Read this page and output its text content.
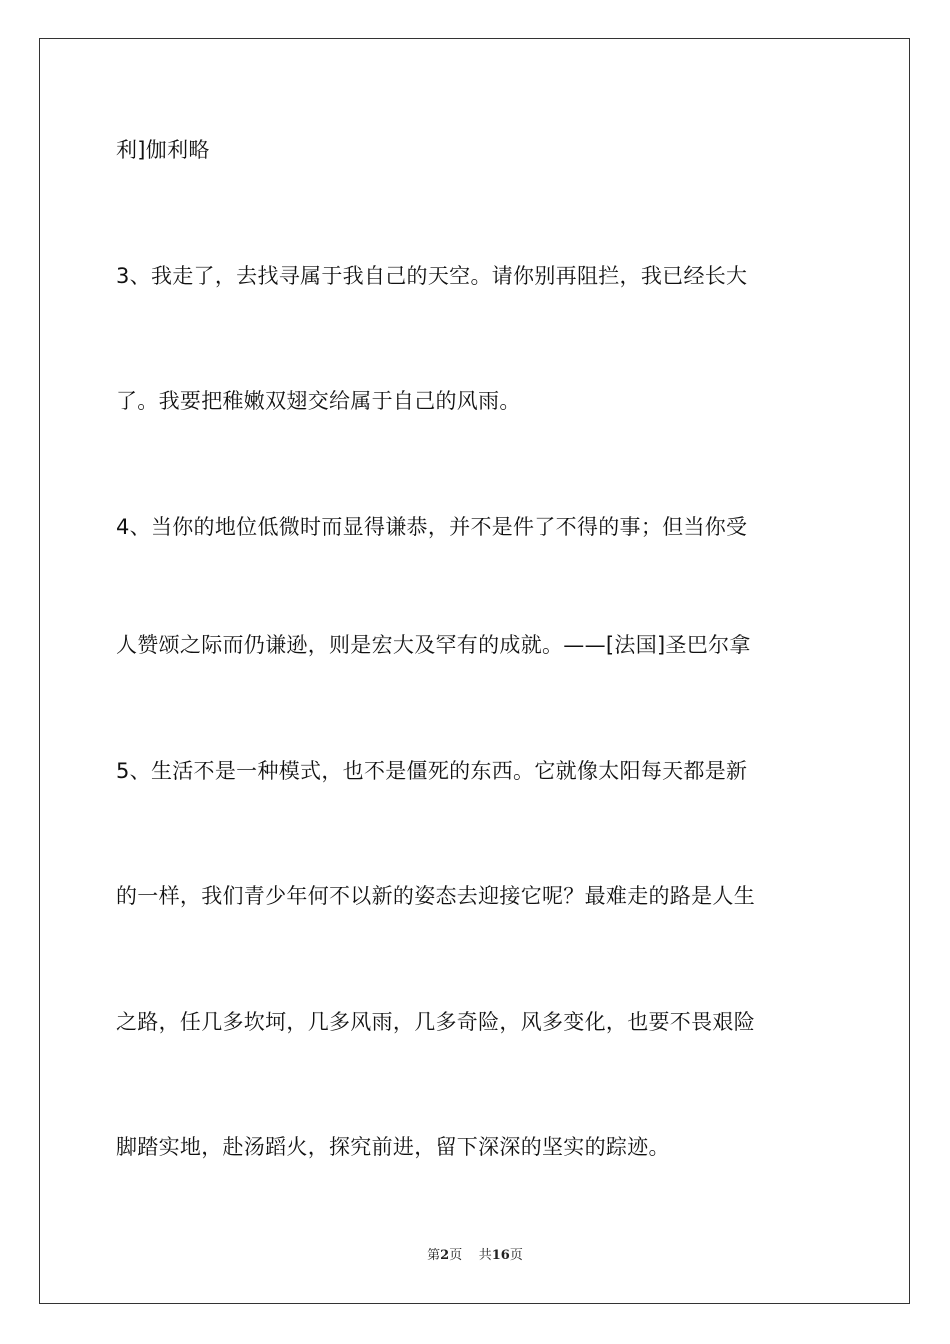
利]伽利略
3、我走了，去找寻属于我自己的天空。请你别再阻拦，我已经长大
了。我要把稚嫩双翅交给属于自己的风雨。
4、当你的地位低微时而显得谦恭，并不是件了不得的事；但当你受
人赞颂之际而仍谦逊，则是宏大及罕有的成就。——[法国]圣巴尔拿
5、生活不是一种模式，也不是僵死的东西。它就像太阳每天都是新
的一样，我们青少年何不以新的姿态去迎接它呢？最难走的路是人生
之路，任几多坎坷，几多风雨，几多奇险，风多变化，也要不畏艰险
脚踏实地，赴汤蹈火，探究前进，留下深深的坚实的踪迹。
第2页 共16页
